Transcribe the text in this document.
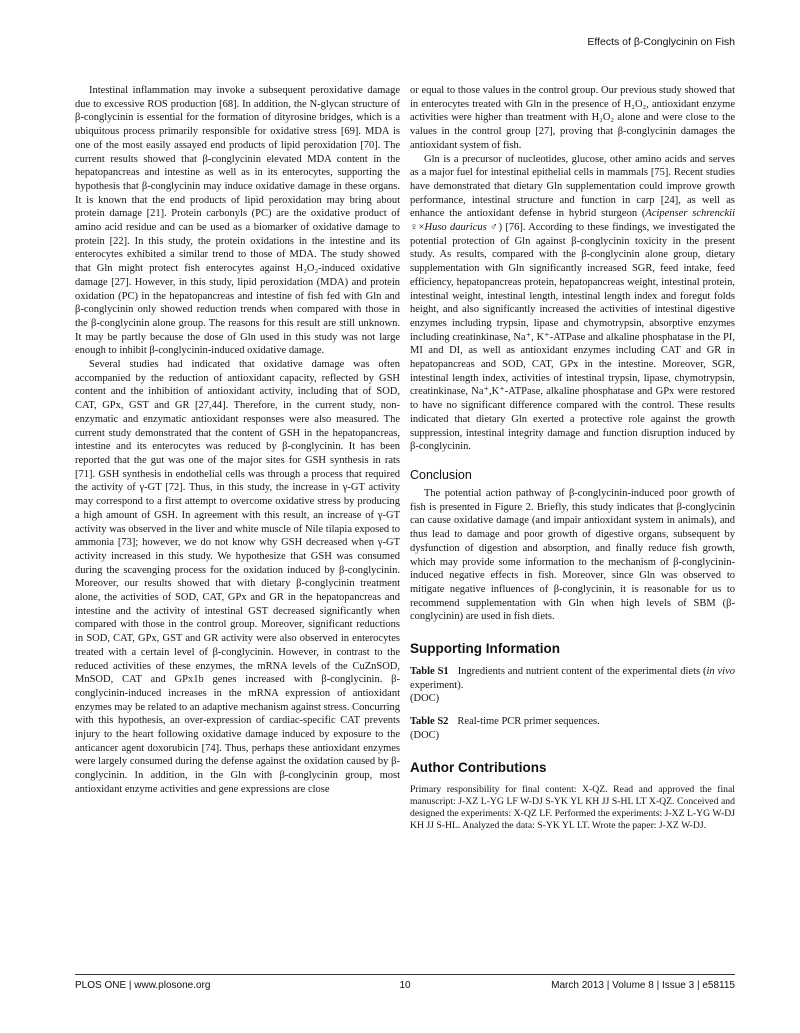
Effects of β-Conglycinin on Fish

Intestinal inflammation may invoke a subsequent peroxidative damage due to excessive ROS production [68]. In addition, the N-glycan structure of β-conglycinin is essential for the formation of dityrosine bridges, which is a ubiquitous process primarily responsible for oxidative stress [69]. MDA is one of the most easily assayed end products of lipid peroxidation [70]. The current results showed that β-conglycinin elevated MDA content in the hepatopancreas and intestine as well as in its enterocytes, supporting the hypothesis that β-conglycinin may induce oxidative damage in these organs. It is known that the end products of lipid peroxidation may bring about protein damage [21]. Protein carbonyls (PC) are the oxidative product of amino acid residue and can be used as a biomarker of oxidative damage to protein [22]. In this study, the protein oxidations in the intestine and its enterocytes exhibited a similar trend to those of MDA. The study showed that Gln might protect fish enterocytes against H₂O₂-induced oxidative damage [27]. However, in this study, lipid peroxidation (MDA) and protein oxidation (PC) in the hepatopancreas and intestine of fish fed with Gln and β-conglycinin only showed reduction trends when compared with those in the β-conglycinin alone group. The reasons for this result are still unknown. It may be partly because the dose of Gln used in this study was not large enough to inhibit β-conglycinin-induced oxidative damage.

Several studies had indicated that oxidative damage was often accompanied by the reduction of antioxidant capacity, reflected by GSH content and the inhibition of antioxidant activity, including that of SOD, CAT, GPx, GST and GR [27,44]. Therefore, in the current study, non-enzymatic and enzymatic antioxidant responses were also measured. The current study demonstrated that the content of GSH in the hepatopancreas, intestine and its enterocytes was reduced by β-conglycinin. It has been reported that the gut was one of the major sites for GSH synthesis in rats [71]. GSH synthesis in endothelial cells was through a process that required the activity of γ-GT [72]. Thus, in this study, the increase in γ-GT activity may correspond to a first attempt to overcome oxidative stress by producing a high amount of GSH. In agreement with this result, an increase of γ-GT activity was observed in the liver and white muscle of Nile tilapia exposed to ammonia [73]; however, we do not know why GSH decreased when γ-GT activity increased in this study. We hypothesize that GSH was consumed during the scavenging process for the oxidation induced by β-conglycinin. Moreover, our results showed that with dietary β-conglycinin treatment alone, the activities of SOD, CAT, GPx and GR in the hepatopancreas and intestine and the activity of intestinal GST decreased significantly when compared with those in the control group. Moreover, significant reductions in SOD, CAT, GPx, GST and GR activity were also observed in enterocytes treated with a certain level of β-conglycinin. However, in contrast to the reduced activities of these enzymes, the mRNA levels of the CuZnSOD, MnSOD, CAT and GPx1b genes increased with β-conglycinin. β-conglycinin-induced increases in the mRNA expression of antioxidant enzymes may be related to an adaptive mechanism against stress. Concurring with this hypothesis, an over-expression of cardiac-specific CAT prevents injury to the heart following oxidative damage induced by exposure to the anticancer agent doxorubicin [74]. Thus, perhaps these antioxidant enzymes were largely consumed during the defense against the oxidation caused by β-conglycinin. In addition, in the Gln with β-conglycinin group, most antioxidant enzyme activities and gene expressions are close

or equal to those values in the control group. Our previous study showed that in enterocytes treated with Gln in the presence of H₂O₂, antioxidant enzyme activities were higher than treatment with H₂O₂ alone and were close to the values in the control group [27], proving that β-conglycinin damages the antioxidant system of fish.

Gln is a precursor of nucleotides, glucose, other amino acids and serves as a major fuel for intestinal epithelial cells in mammals [75]. Recent studies have demonstrated that dietary Gln supplementation could improve growth performance, intestinal structure and function in carp [24], as well as enhance the antioxidant defense in hybrid sturgeon (Acipenser schrenckii ♀×Huso dauricus ♂) [76]. According to these findings, we investigated the potential protection of Gln against β-conglycinin toxicity in the present study. As results, compared with the β-conglycinin alone group, dietary supplementation with Gln significantly increased SGR, feed intake, feed efficiency, hepatopancreas protein, hepatopancreas weight, intestinal protein, intestinal weight, intestinal length, intestinal length index and foregut folds height, and also significantly increased the activities of intestinal digestive enzymes including trypsin, lipase and chymotrypsin, absorptive enzymes including creatinkinase, Na⁺, K⁺-ATPase and alkaline phosphatase in the PI, MI and DI, as well as antioxidant enzymes including CAT and GR in hepatopancreas and SOD, CAT, GPx in the intestine. Moreover, SGR, intestinal length index, activities of intestinal trypsin, lipase, chymotrypsin, creatinkinase, Na⁺,K⁺-ATPase, alkaline phosphatase and GPx were restored to have no significant difference compared with the control. These results indicated that dietary Gln exerted a protective role against the growth suppression, intestinal integrity damage and function disruption induced by β-conglycinin.

Conclusion

The potential action pathway of β-conglycinin-induced poor growth of fish is presented in Figure 2. Briefly, this study indicates that β-conglycinin can cause oxidative damage (and impair antioxidant system in animals), and thus lead to damage and poor growth of digestive organs, subsequent by dysfunction of digestion and absorption, and finally reduce fish growth, which may provide some information to the mechanism of β-conglycinin-induced negative effects in fish. Moreover, since Gln was observed to mitigate negative influences of β-conglycinin, it is reasonable for us to recommend supplementation with Gln when high levels of SBM (β-conglycinin) are used in fish diets.

Supporting Information

Table S1 Ingredients and nutrient content of the experimental diets (in vivo experiment).

(DOC)

Table S2 Real-time PCR primer sequences.

(DOC)

Author Contributions

Primary responsibility for final content: X-QZ. Read and approved the final manuscript: J-XZ L-YG LF W-DJ S-YK YL KH JJ S-HL LT X-QZ. Conceived and designed the experiments: X-QZ LF. Performed the experiments: J-XZ L-YG W-DJ KH JJ S-HL. Analyzed the data: S-YK YL LT. Wrote the paper: J-XZ W-DJ.

PLOS ONE | www.plosone.org	10	March 2013 | Volume 8 | Issue 3 | e58115
